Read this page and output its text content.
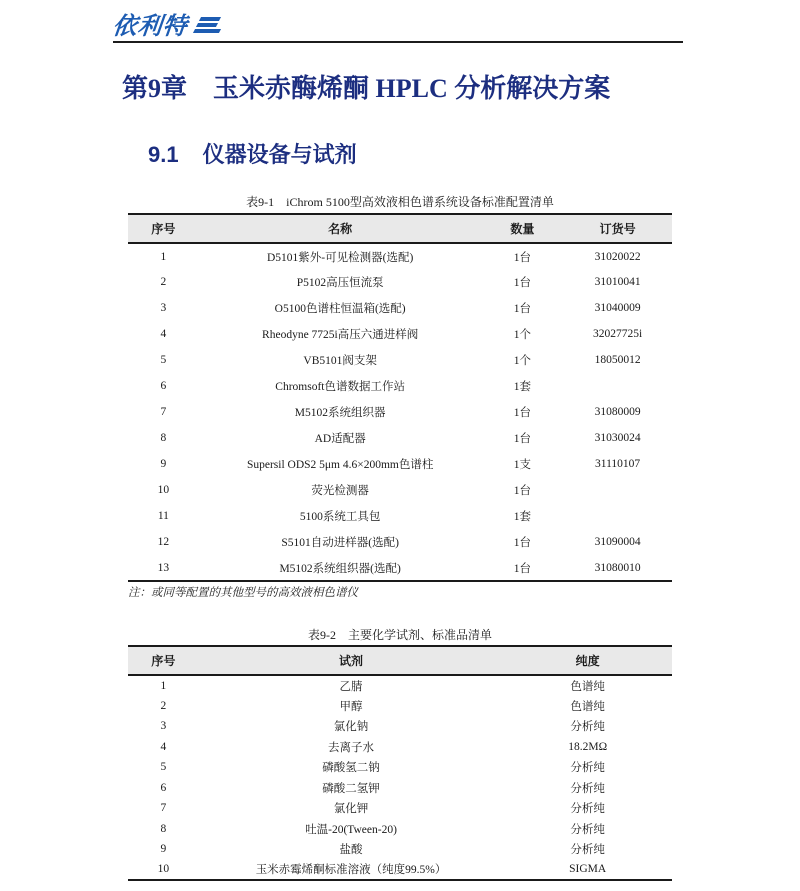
依利特
第9章 玉米赤酶烯酮 HPLC 分析解决方案
9.1 仪器设备与试剂
表9-1　iChrom 5100型高效液相色谱系统设备标准配置清单
序号	名称	数量	订货号
1	D5101紫外-可见检测器(选配)	1台	31020022
2	P5102高压恒流泵	1台	31010041
3	O5100色谱柱恒温箱(选配)	1台	31040009
4	Rheodyne 7725i高压六通进样阀	1个	32027725i
5	VB5101阀支架	1个	18050012
6	Chromsoft色谱数据工作站	1套	
7	M5102系统组织器	1台	31080009
8	AD适配器	1台	31030024
9	Supersil ODS2 5μm 4.6×200mm色谱柱	1支	31110107
10	荧光检测器	1台	
11	5100系统工具包	1套	
12	S5101自动进样器(选配)	1台	31090004
13	M5102系统组织器(选配)	1台	31080010
注：或同等配置的其他型号的高效液相色谱仪
表9-2　主要化学试剂、标准品清单
序号	试剂	纯度
1	乙腈	色谱纯
2	甲醇	色谱纯
3	氯化钠	分析纯
4	去离子水	18.2MΩ
5	磷酸氢二钠	分析纯
6	磷酸二氢钾	分析纯
7	氯化钾	分析纯
8	吐温-20(Tween-20)	分析纯
9	盐酸	分析纯
10	玉米赤霉烯酮标准溶液（纯度99.5%）	SIGMA
